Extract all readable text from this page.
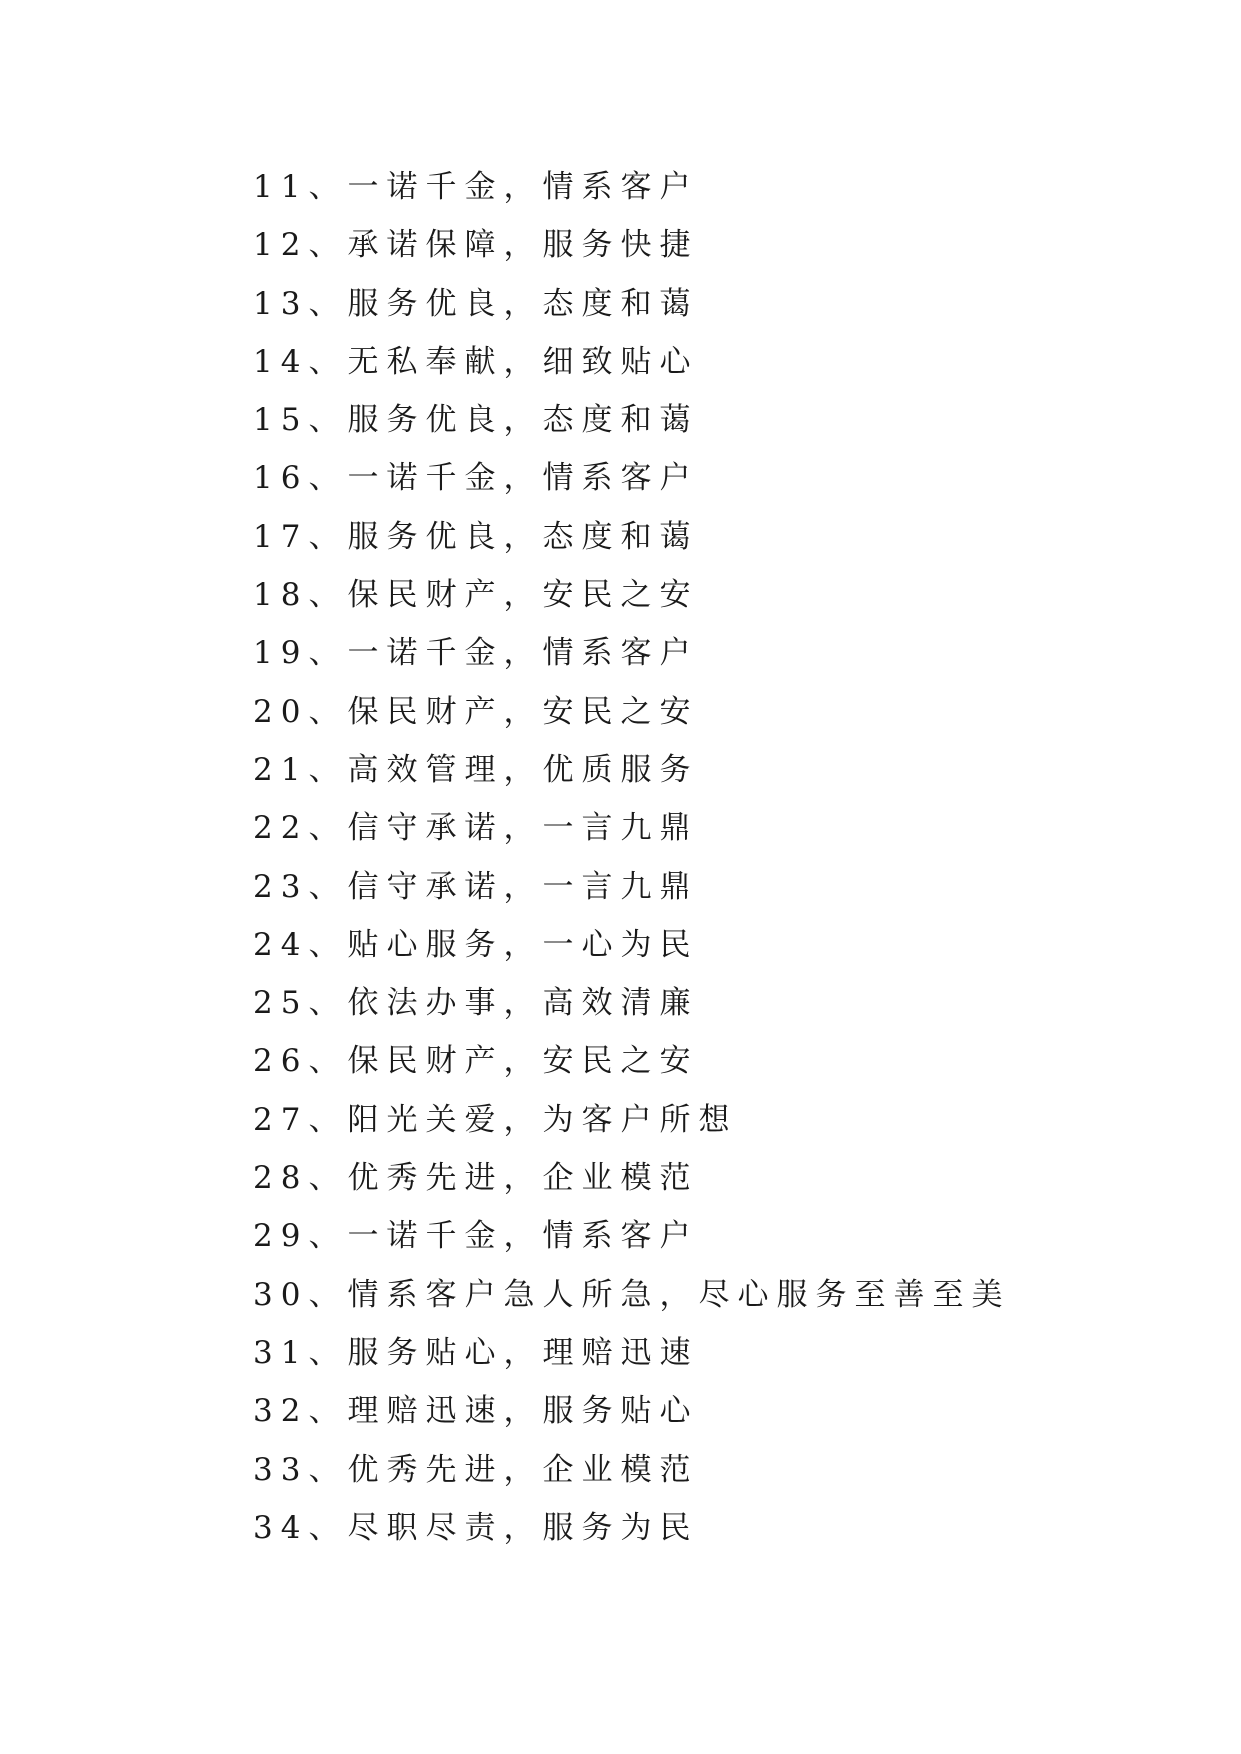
11、一诺千金，情系客户
12、承诺保障，服务快捷
13、服务优良，态度和蔼
14、无私奉献，细致贴心
15、服务优良，态度和蔼
16、一诺千金，情系客户
17、服务优良，态度和蔼
18、保民财产，安民之安
19、一诺千金，情系客户
20、保民财产，安民之安
21、高效管理，优质服务
22、信守承诺，一言九鼎
23、信守承诺，一言九鼎
24、贴心服务，一心为民
25、依法办事，高效清廉
26、保民财产，安民之安
27、阳光关爱，为客户所想
28、优秀先进，企业模范
29、一诺千金，情系客户
30、情系客户急人所急，尽心服务至善至美
31、服务贴心，理赔迅速
32、理赔迅速，服务贴心
33、优秀先进，企业模范
34、尽职尽责，服务为民
